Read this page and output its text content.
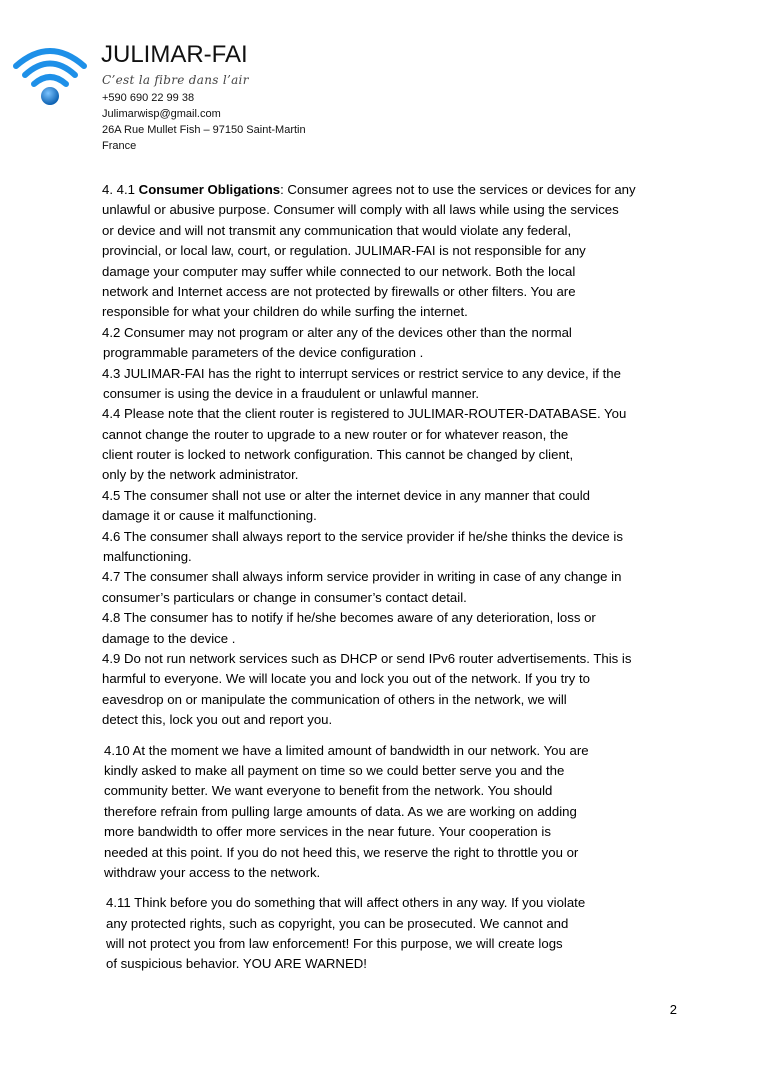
JULIMAR-FAI
C’est la fibre dans l’air
+590 690 22 99 38
Julimarwisp@gmail.com
26A Rue Mullet Fish – 97150 Saint-Martin
France
4. 4.1 Consumer Obligations: Consumer agrees not to use the services or devices for any
unlawful or abusive purpose. Consumer will comply with all laws while using the services
or device and will not transmit any communication that would violate any federal,
provincial, or local law, court, or regulation. JULIMAR-FAI is not responsible for any
damage your computer may suffer while connected to our network. Both the local
network and Internet access are not protected by firewalls or other filters. You are
responsible for what your children do while surfing the internet.
4.2 Consumer may not program or alter any of the devices other than the normal
programmable parameters of the device configuration .
4.3 JULIMAR-FAI has the right to interrupt services or restrict service to any device, if the
consumer is using the device in a fraudulent or unlawful manner.
4.4 Please note that the client router is registered to JULIMAR-ROUTER-DATABASE. You
cannot change the router to upgrade to a new router or for whatever reason, the
client router is locked to network configuration. This cannot be changed by client,
only by the network administrator.
4.5 The consumer shall not use or alter the internet device in any manner that could
damage it or cause it malfunctioning.
4.6 The consumer shall always report to the service provider if he/she thinks the device is
malfunctioning.
4.7 The consumer shall always inform service provider in writing in case of any change in
consumer’s particulars or change in consumer’s contact detail.
4.8 The consumer has to notify if he/she becomes aware of any deterioration, loss or
damage to the device .
4.9 Do not run network services such as DHCP or send IPv6 router advertisements. This is
harmful to everyone. We will locate you and lock you out of the network. If you try to
eavesdrop on or manipulate the communication of others in the network, we will
detect this, lock you out and report you.
4.10 At the moment we have a limited amount of bandwidth in our network. You are
kindly asked to make all payment on time so we could better serve you and the
community better. We want everyone to benefit from the network. You should
therefore refrain from pulling large amounts of data. As we are working on adding
more bandwidth to offer more services in the near future. Your cooperation is
needed at this point. If you do not heed this, we reserve the right to throttle you or
withdraw your access to the network.
4.11 Think before you do something that will affect others in any way. If you violate
any protected rights, such as copyright, you can be prosecuted. We cannot and
will not protect you from law enforcement! For this purpose, we will create logs
of suspicious behavior. YOU ARE WARNED!
2
